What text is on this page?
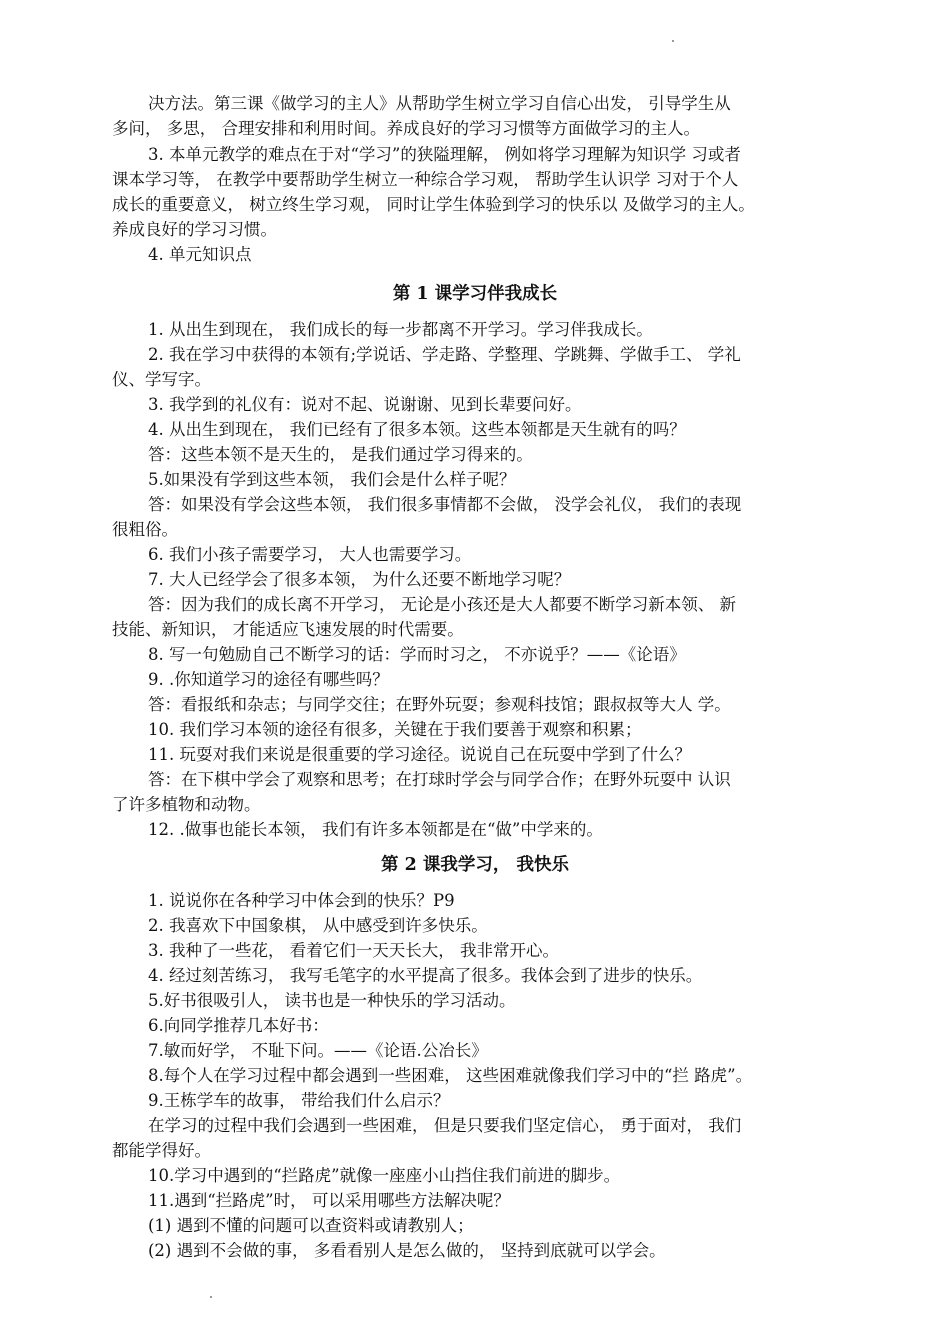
决方法。第三课《做学习的主人》从帮助学生树立学习自信心出发， 引导学生从
多问， 多思， 合理安排和利用时间。养成良好的学习习惯等方面做学习的主人。
3. 本单元教学的难点在于对“学习”的狭隘理解， 例如将学习理解为知识学 习或者
课本学习等， 在教学中要帮助学生树立一种综合学习观， 帮助学生认识学 习对于个人
成长的重要意义， 树立终生学习观， 同时让学生体验到学习的快乐以 及做学习的主人。
养成良好的学习习惯。
4. 单元知识点
第 1 课学习伴我成长
1. 从出生到现在， 我们成长的每一步都离不开学习。学习伴我成长。
2. 我在学习中获得的本领有;学说话、学走路、学整理、学跳舞、学做手工、 学礼
仪、学写字。
3. 我学到的礼仪有：说对不起、说谢谢、见到长辈要问好。
4. 从出生到现在， 我们已经有了很多本领。这些本领都是天生就有的吗？
答：这些本领不是天生的， 是我们通过学习得来的。
5.如果没有学到这些本领， 我们会是什么样子呢？
答：如果没有学会这些本领， 我们很多事情都不会做， 没学会礼仪， 我们的表现
很粗俗。
6. 我们小孩子需要学习， 大人也需要学习。
7. 大人已经学会了很多本领， 为什么还要不断地学习呢？
答：因为我们的成长离不开学习， 无论是小孩还是大人都要不断学习新本领、 新
技能、新知识， 才能适应飞速发展的时代需要。
8. 写一句勉励自己不断学习的话：学而时习之， 不亦说乎？——《论语》
9. .你知道学习的途径有哪些吗？
答：看报纸和杂志；与同学交往；在野外玩耍；参观科技馆；跟叔叔等大人 学。
10. 我们学习本领的途径有很多，关键在于我们要善于观察和积累；
11. 玩耍对我们来说是很重要的学习途径。说说自己在玩耍中学到了什么？
答：在下棋中学会了观察和思考；在打球时学会与同学合作；在野外玩耍中 认识
了许多植物和动物。
12. .做事也能长本领， 我们有许多本领都是在“做”中学来的。
第 2 课我学习， 我快乐
1. 说说你在各种学习中体会到的快乐？P9
2. 我喜欢下中国象棋， 从中感受到许多快乐。
3. 我种了一些花， 看着它们一天天长大， 我非常开心。
4. 经过刻苦练习， 我写毛笔字的水平提高了很多。我体会到了进步的快乐。
5.好书很吸引人， 读书也是一种快乐的学习活动。
6.向同学推荐几本好书：
7.敏而好学， 不耻下问。——《论语.公冶长》
8.每个人在学习过程中都会遇到一些困难， 这些困难就像我们学习中的“拦 路虎”。
9.王栋学车的故事， 带给我们什么启示？
在学习的过程中我们会遇到一些困难， 但是只要我们坚定信心， 勇于面对， 我们
都能学得好。
10.学习中遇到的“拦路虎”就像一座座小山挡住我们前进的脚步。
11.遇到“拦路虎”时， 可以采用哪些方法解决呢？
(1) 遇到不懂的问题可以查资料或请教别人；
(2) 遇到不会做的事， 多看看别人是怎么做的， 坚持到底就可以学会。
